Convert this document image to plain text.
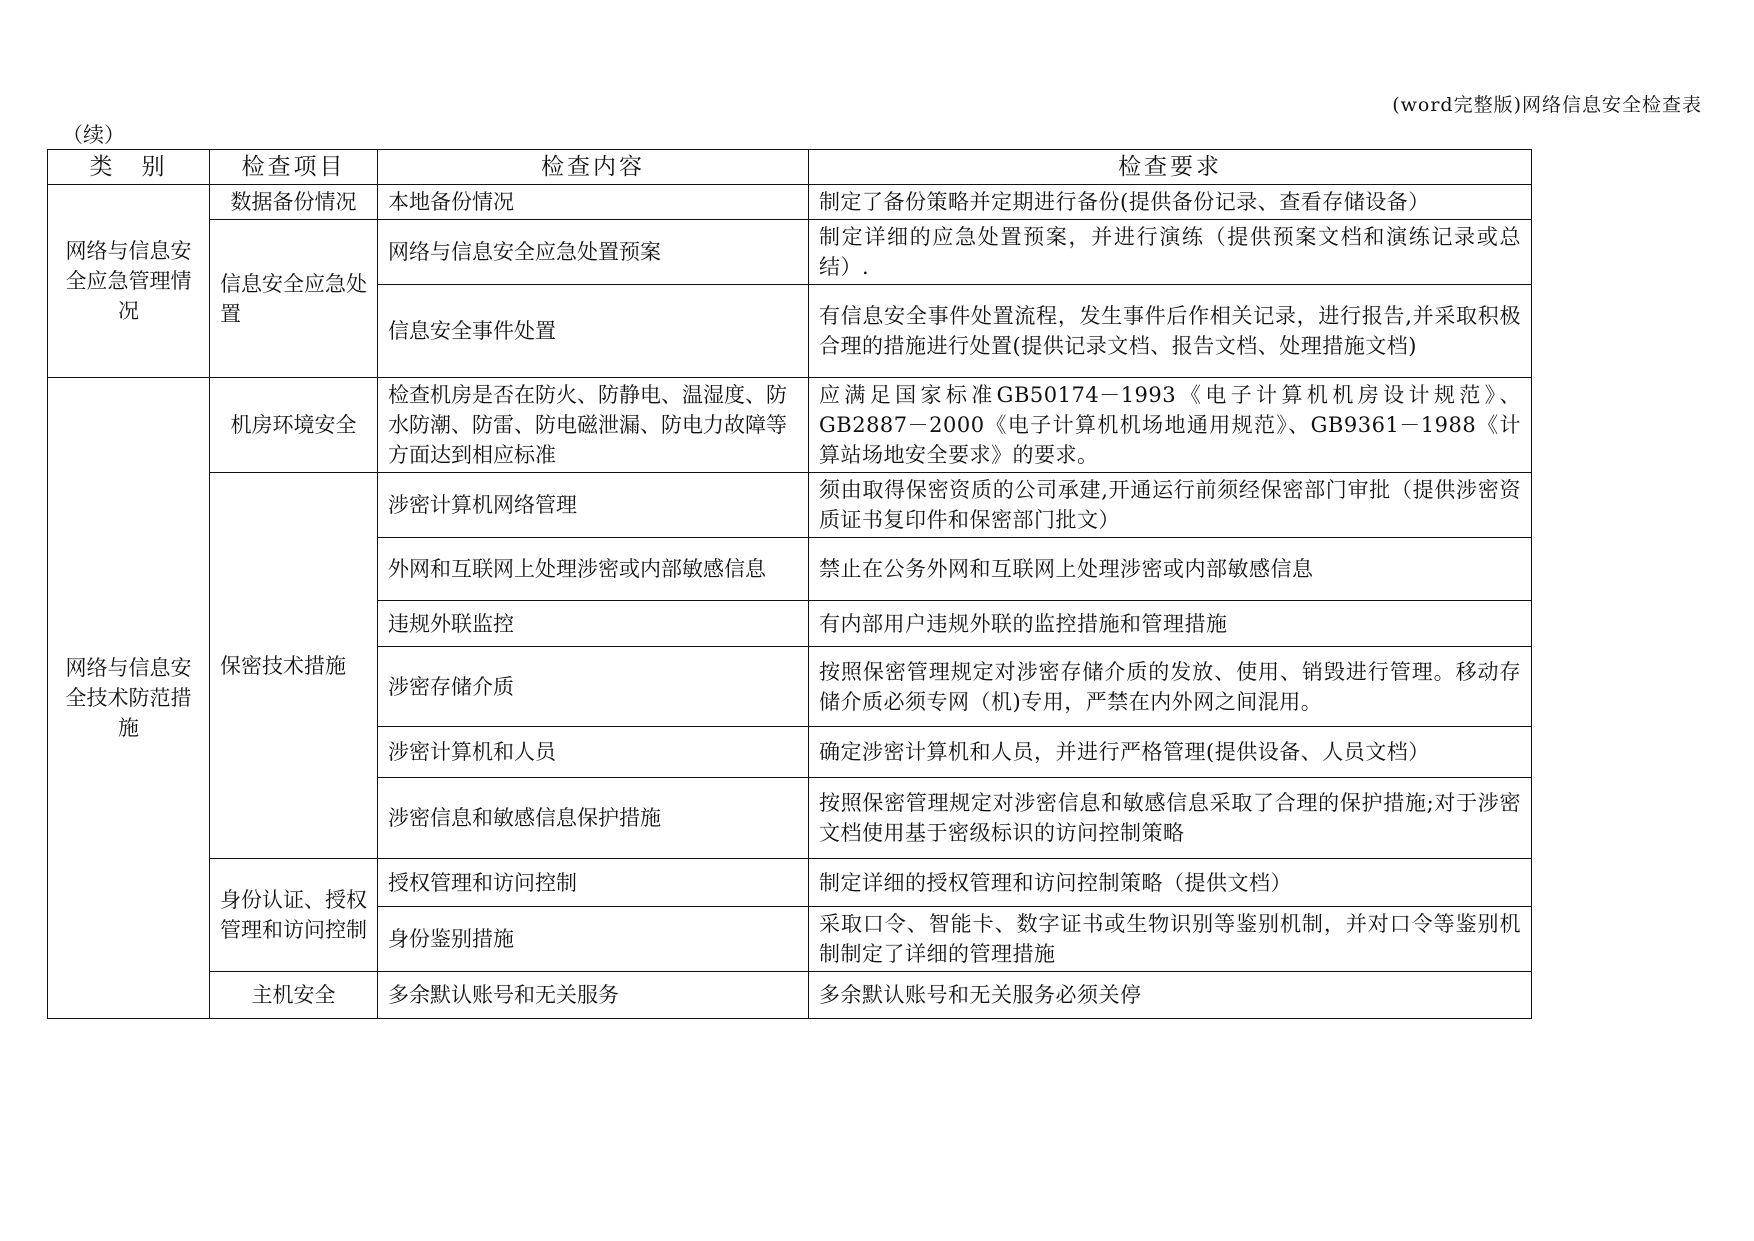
(word完整版)网络信息安全检查表
（续）
类　别	检查项目	检查内容	检查要求
网络与信息安全应急管理情况	数据备份情况	本地备份情况	制定了备份策略并定期进行备份(提供备份记录、查看存储设备）
	信息安全应急处置	网络与信息安全应急处置预案	制定详细的应急处置预案，并进行演练（提供预案文档和演练记录或总结）.
		信息安全事件处置	有信息安全事件处置流程，发生事件后作相关记录，进行报告,并采取积极合理的措施进行处置(提供记录文档、报告文档、处理措施文档)
网络与信息安全技术防范措施	机房环境安全	检查机房是否在防火、防静电、温湿度、防水防潮、防雷、防电磁泄漏、防电力故障等方面达到相应标准	应满足国家标准GB50174－1993《电子计算机机房设计规范》、GB2887－2000《电子计算机机场地通用规范》、GB9361－1988《计算站场地安全要求》的要求。
	保密技术措施	涉密计算机网络管理	须由取得保密资质的公司承建,开通运行前须经保密部门审批（提供涉密资质证书复印件和保密部门批文）
		外网和互联网上处理涉密或内部敏感信息	禁止在公务外网和互联网上处理涉密或内部敏感信息
		违规外联监控	有内部用户违规外联的监控措施和管理措施
		涉密存储介质	按照保密管理规定对涉密存储介质的发放、使用、销毁进行管理。移动存储介质必须专网（机)专用，严禁在内外网之间混用。
		涉密计算机和人员	确定涉密计算机和人员，并进行严格管理(提供设备、人员文档）
		涉密信息和敏感信息保护措施	按照保密管理规定对涉密信息和敏感信息采取了合理的保护措施;对于涉密文档使用基于密级标识的访问控制策略
	身份认证、授权管理和访问控制	授权管理和访问控制	制定详细的授权管理和访问控制策略（提供文档）
		身份鉴别措施	采取口令、智能卡、数字证书或生物识别等鉴别机制，并对口令等鉴别机制制定了详细的管理措施
	主机安全	多余默认账号和无关服务	多余默认账号和无关服务必须关停
